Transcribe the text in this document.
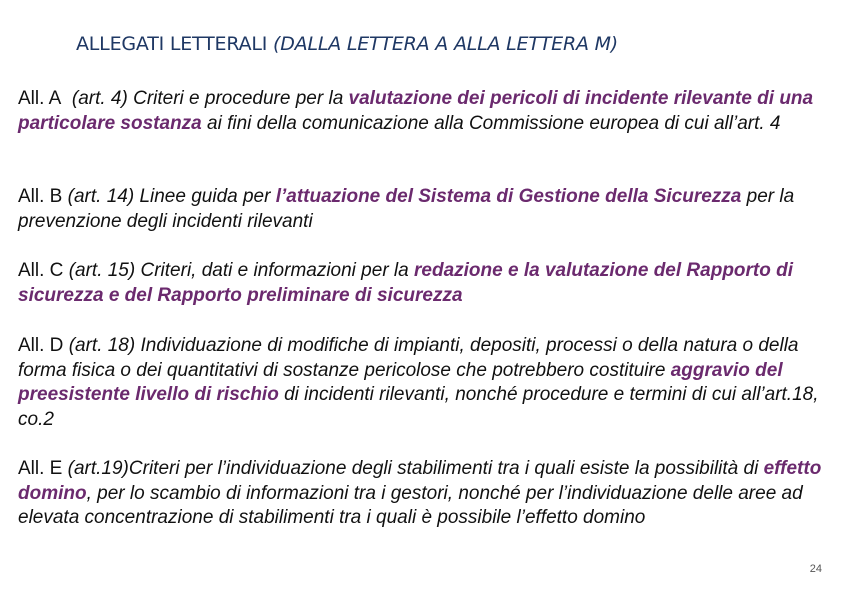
ALLEGATI LETTERALI (DALLA LETTERA A ALLA LETTERA M)
All. A (art. 4) Criteri e procedure per la valutazione dei pericoli di incidente rilevante di una particolare sostanza ai fini della comunicazione alla Commissione europea di cui all’art. 4
All. B (art. 14) Linee guida per l’attuazione del Sistema di Gestione della Sicurezza per la prevenzione degli incidenti rilevanti
All. C (art. 15) Criteri, dati e informazioni per la redazione e la valutazione del Rapporto di sicurezza e del Rapporto preliminare di sicurezza
All. D (art. 18) Individuazione di modifiche di impianti, depositi, processi o della natura o della forma fisica o dei quantitativi di sostanze pericolose che potrebbero costituire aggravio del preesistente livello di rischio di incidenti rilevanti, nonché procedure e termini di cui all’art.18, co.2
All. E (art.19)Criteri per l’individuazione degli stabilimenti tra i quali esiste la possibilità di effetto domino, per lo scambio di informazioni tra i gestori, nonché per l’individuazione delle aree ad elevata concentrazione di stabilimenti tra i quali è possibile l’effetto domino
24
